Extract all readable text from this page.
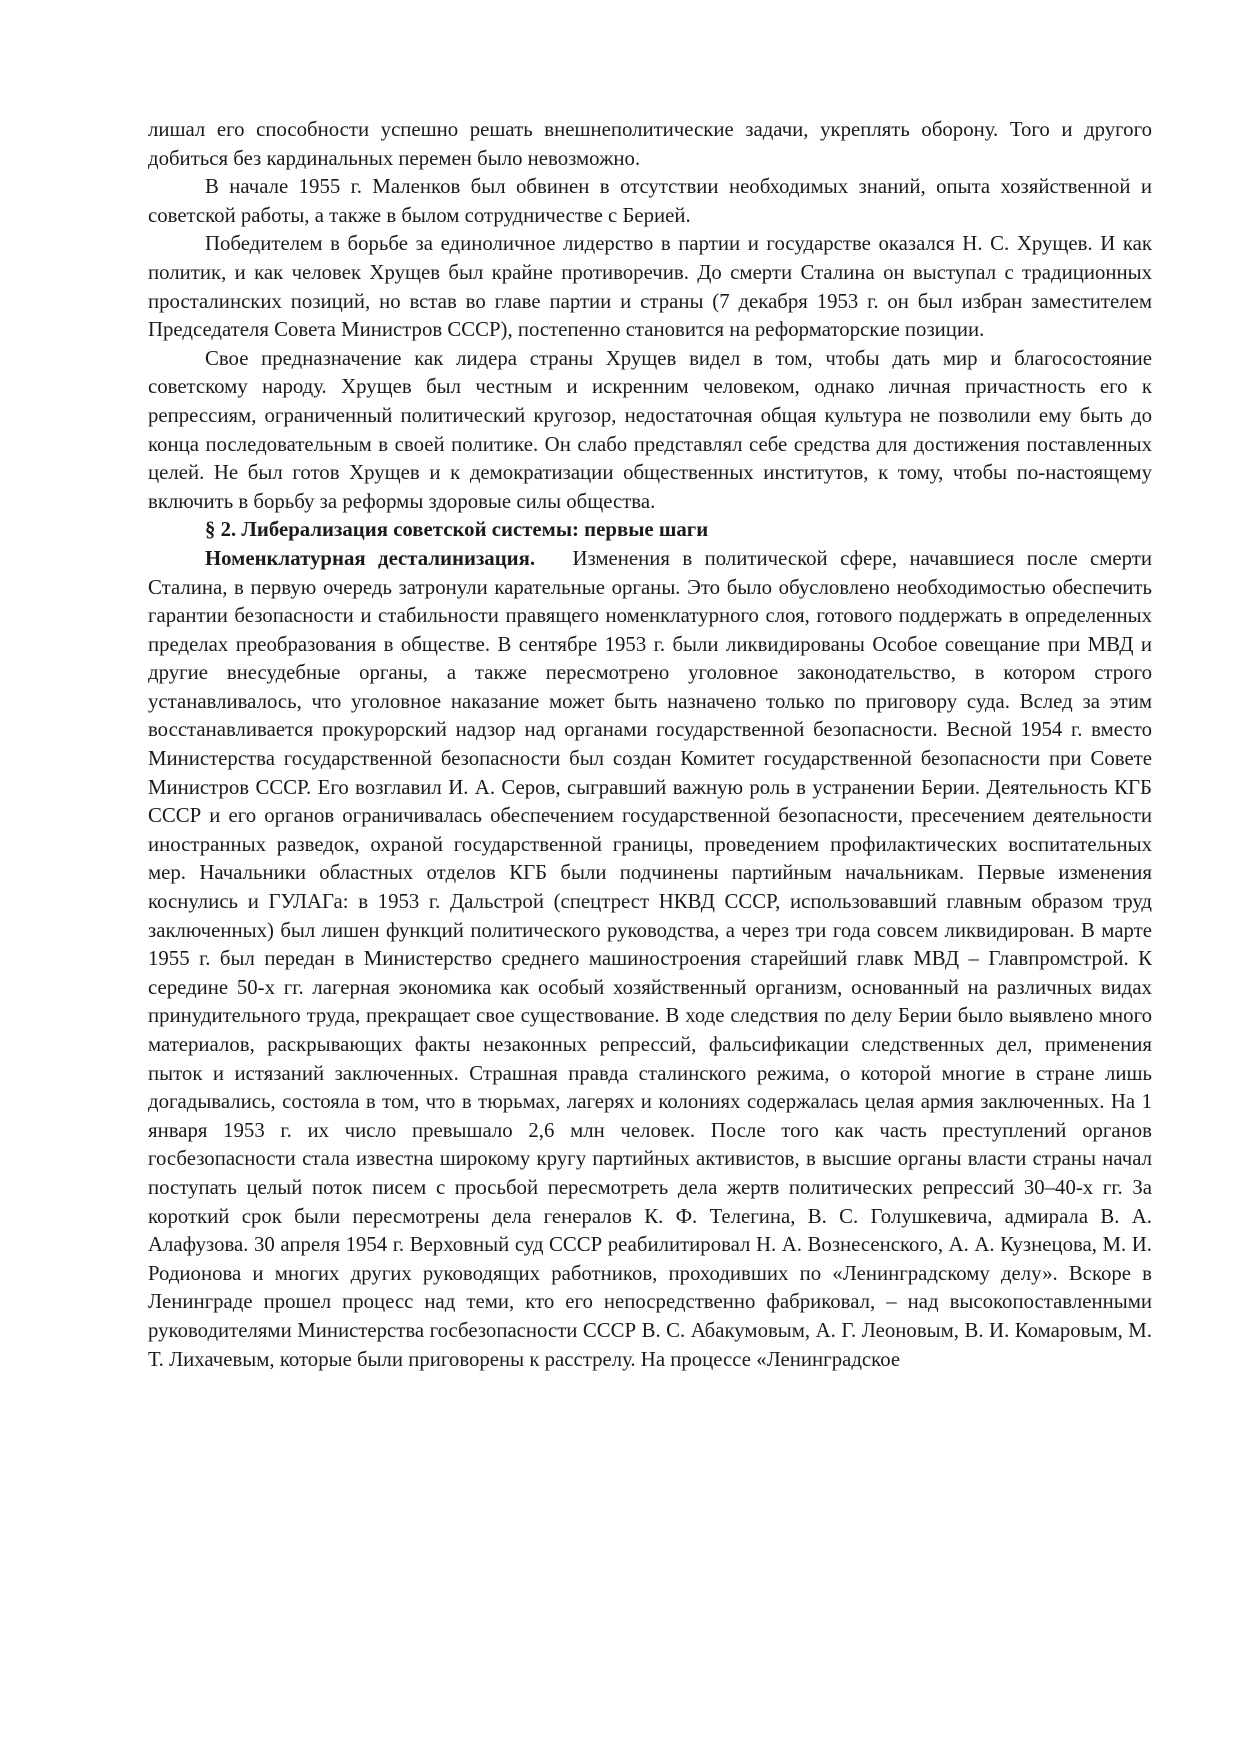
лишал его способности успешно решать внешнеполитические задачи, укреплять оборону. Того и другого добиться без кардинальных перемен было невозможно.

В начале 1955 г. Маленков был обвинен в отсутствии необходимых знаний, опыта хозяйственной и советской работы, а также в былом сотрудничестве с Берией.

Победителем в борьбе за единоличное лидерство в партии и государстве оказался Н. С. Хрущев. И как политик, и как человек Хрущев был крайне противоречив. До смерти Сталина он выступал с традиционных просталинских позиций, но встав во главе партии и страны (7 декабря 1953 г. он был избран заместителем Председателя Совета Министров СССР), постепенно становится на реформаторские позиции.

Свое предназначение как лидера страны Хрущев видел в том, чтобы дать мир и благосостояние советскому народу. Хрущев был честным и искренним человеком, однако личная причастность его к репрессиям, ограниченный политический кругозор, недостаточная общая культура не позволили ему быть до конца последовательным в своей политике. Он слабо представлял себе средства для достижения поставленных целей. Не был готов Хрущев и к демократизации общественных институтов, к тому, чтобы по-настоящему включить в борьбу за реформы здоровые силы общества.

§ 2. Либерализация советской системы: первые шаги

Номенклатурная десталинизация. Изменения в политической сфере, начавшиеся после смерти Сталина, в первую очередь затронули карательные органы. Это было обусловлено необходимостью обеспечить гарантии безопасности и стабильности правящего номенклатурного слоя, готового поддержать в определенных пределах преобразования в обществе. В сентябре 1953 г. были ликвидированы Особое совещание при МВД и другие внесудебные органы, а также пересмотрено уголовное законодательство, в котором строго устанавливалось, что уголовное наказание может быть назначено только по приговору суда. Вслед за этим восстанавливается прокурорский надзор над органами государственной безопасности. Весной 1954 г. вместо Министерства государственной безопасности был создан Комитет государственной безопасности при Совете Министров СССР. Его возглавил И. А. Серов, сыгравший важную роль в устранении Берии. Деятельность КГБ СССР и его органов ограничивалась обеспечением государственной безопасности, пресечением деятельности иностранных разведок, охраной государственной границы, проведением профилактических воспитательных мер. Начальники областных отделов КГБ были подчинены партийным начальникам. Первые изменения коснулись и ГУЛАГа: в 1953 г. Дальстрой (спецтрест НКВД СССР, использовавший главным образом труд заключенных) был лишен функций политического руководства, а через три года совсем ликвидирован. В марте 1955 г. был передан в Министерство среднего машиностроения старейший главк МВД – Главпромстрой. К середине 50-х гг. лагерная экономика как особый хозяйственный организм, основанный на различных видах принудительного труда, прекращает свое существование. В ходе следствия по делу Берии было выявлено много материалов, раскрывающих факты незаконных репрессий, фальсификации следственных дел, применения пыток и истязаний заключенных. Страшная правда сталинского режима, о которой многие в стране лишь догадывались, состояла в том, что в тюрьмах, лагерях и колониях содержалась целая армия заключенных. На 1 января 1953 г. их число превышало 2,6 млн человек. После того как часть преступлений органов госбезопасности стала известна широкому кругу партийных активистов, в высшие органы власти страны начал поступать целый поток писем с просьбой пересмотреть дела жертв политических репрессий 30–40-х гг. За короткий срок были пересмотрены дела генералов К. Ф. Телегина, В. С. Голушкевича, адмирала В. А. Алафузова. 30 апреля 1954 г. Верховный суд СССР реабилитировал Н. А. Вознесенского, А. А. Кузнецова, М. И. Родионова и многих других руководящих работников, проходивших по «Ленинградскому делу». Вскоре в Ленинграде прошел процесс над теми, кто его непосредственно фабриковал, – над высокопоставленными руководителями Министерства госбезопасности СССР В. С. Абакумовым, А. Г. Леоновым, В. И. Комаровым, М. Т. Лихачевым, которые были приговорены к расстрелу. На процессе «Ленинградское
